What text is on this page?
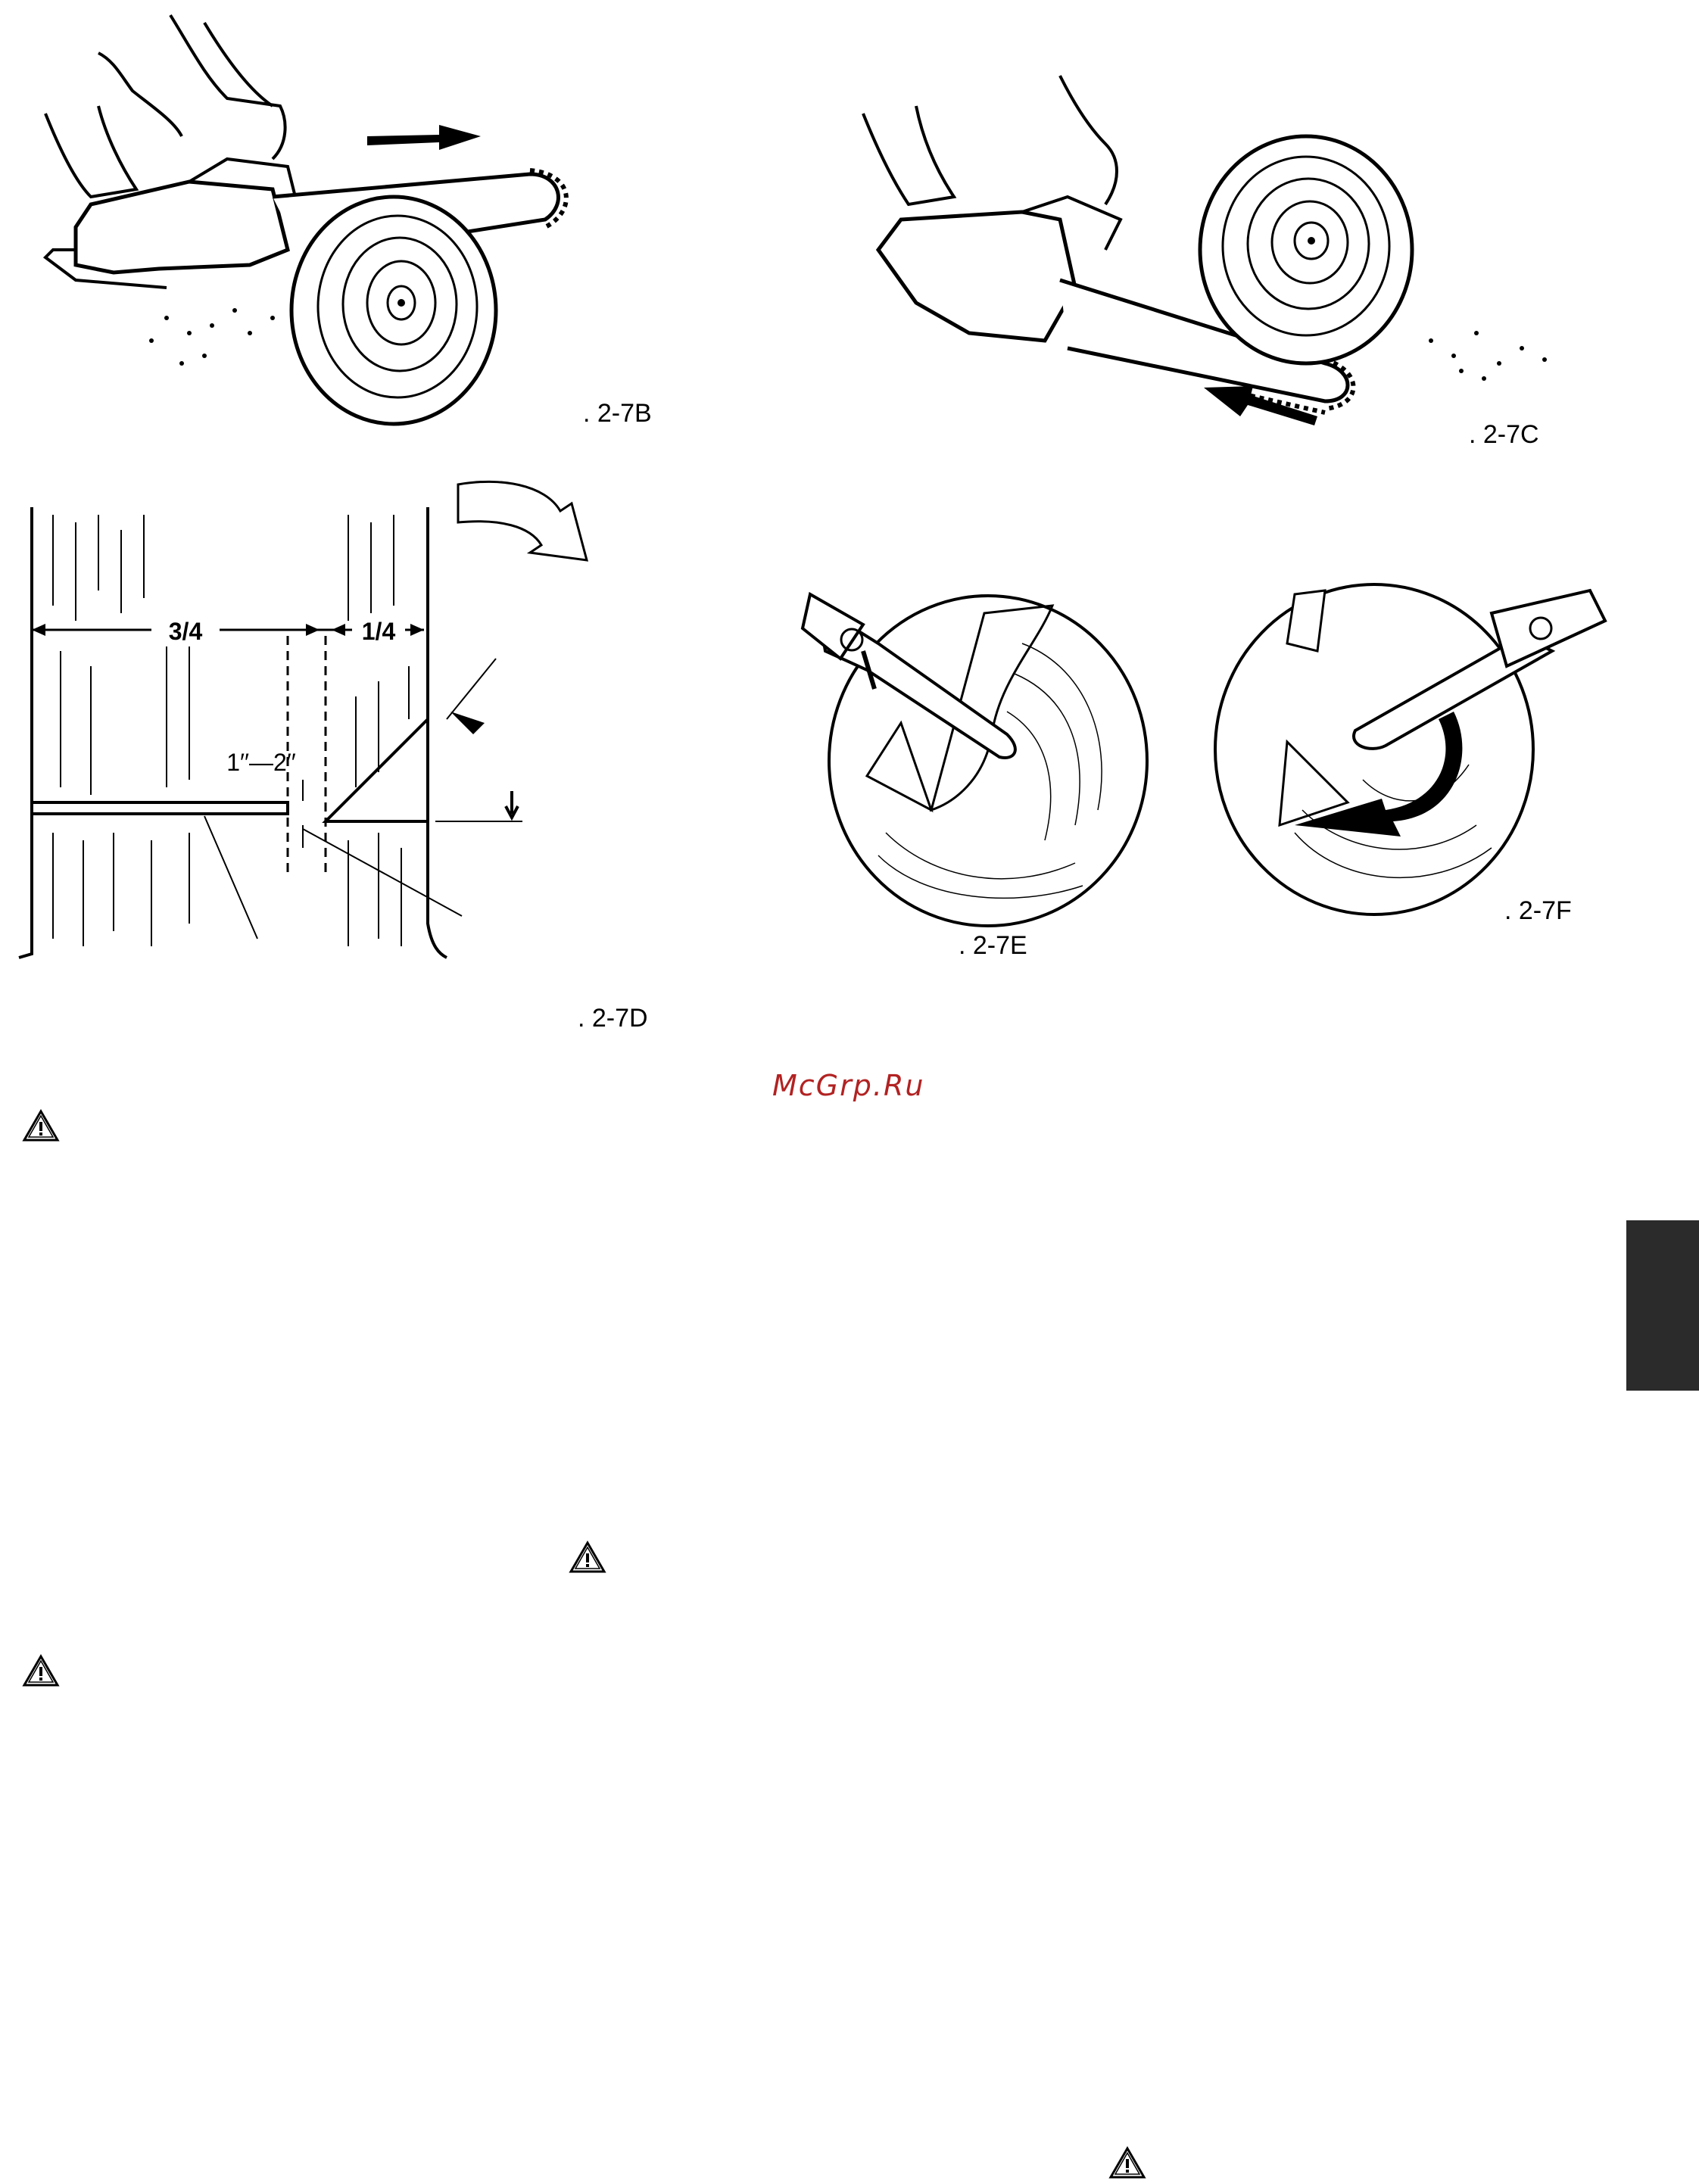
. 2-7B
. 2-7C
3/4	1/4
1′′—2′′
. 2-7D
. 2-7E
. 2-7F
McGrp.Ru
